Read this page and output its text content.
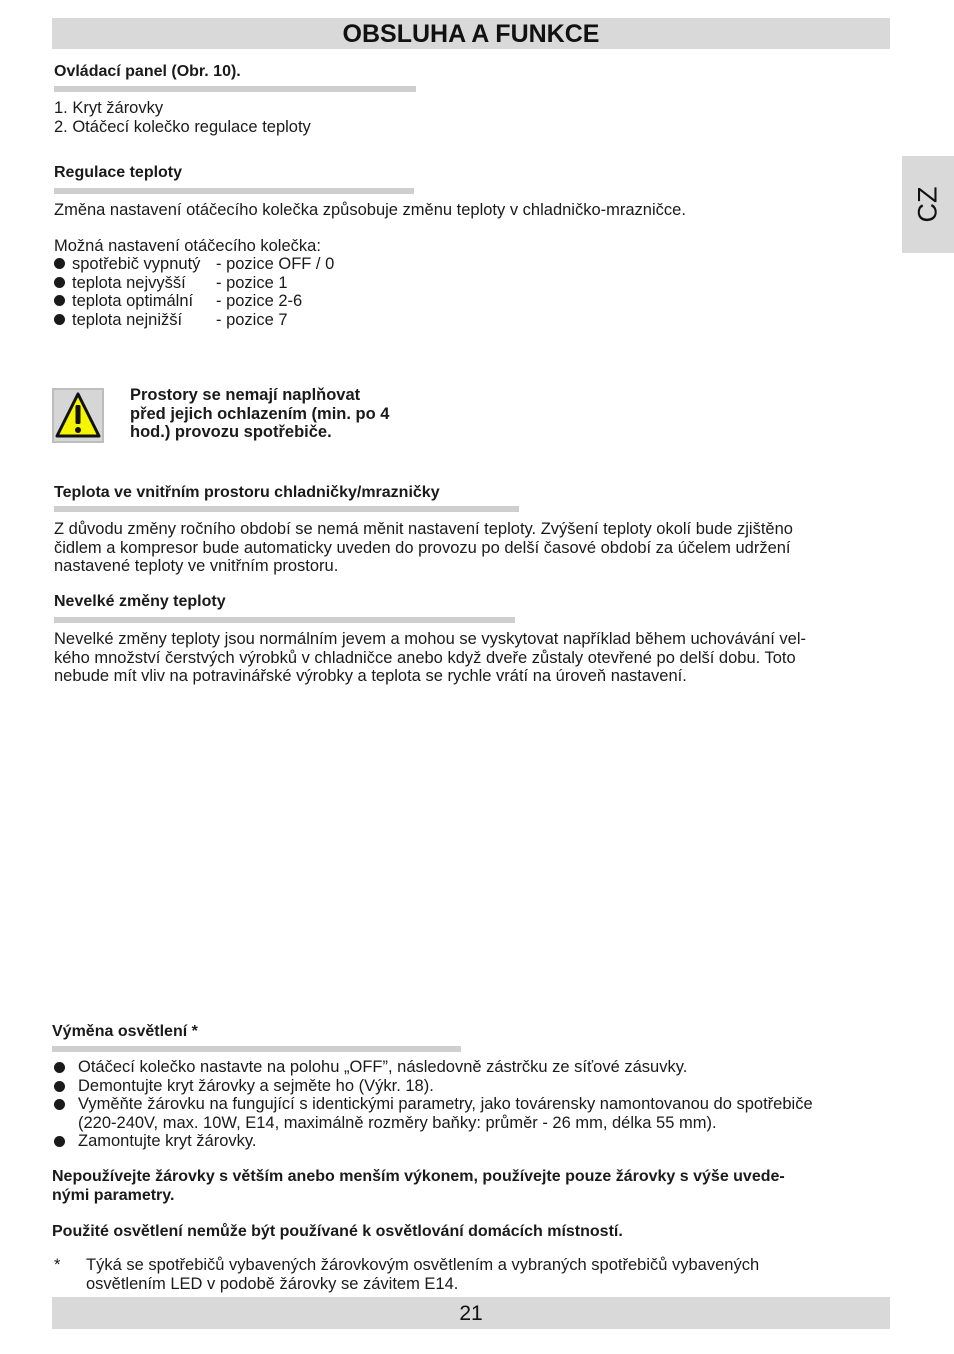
OBSLUHA A FUNKCE
CZ
Ovládací panel (Obr. 10).
1. Kryt žárovky
2. Otáčecí kolečko regulace teploty
Regulace teploty
Změna nastavení otáčecího kolečka způsobuje změnu teploty v chladničko-mrazničce.
Možná nastavení otáčecího kolečka:
spotřebič vypnutý - pozice OFF / 0
teplota nejvyšší - pozice 1
teplota optimální - pozice 2-6
teplota nejnižší - pozice 7
Prostory se nemají naplňovat
před jejich ochlazením (min. po 4
hod.) provozu spotřebiče.
Teplota ve vnitřním prostoru chladničky/mrazničky
Z důvodu změny ročního období se nemá měnit nastavení teploty. Zvýšení teploty okolí bude zjištěno
čidlem a kompresor bude automaticky uveden do provozu po delší časové období za účelem udržení
nastavené teploty ve vnitřním prostoru.
Nevelké změny teploty
Nevelké změny teploty jsou normálním jevem a mohou se vyskytovat například během uchovávání vel-
kého množství čerstvých výrobků v chladničce anebo když dveře zůstaly otevřené po delší dobu. Toto
nebude mít vliv na potravinářské výrobky a teplota se rychle vrátí na úroveň nastavení.
Výměna osvětlení *
Otáčecí kolečko nastavte na polohu „OFF”, následovně zástrčku ze síťové zásuvky.
Demontujte kryt žárovky a sejměte ho (Výkr. 18).
Vyměňte žárovku na fungující s identickými parametry, jako továrensky namontovanou do spotřebiče
(220-240V, max. 10W, E14, maximálně rozměry baňky: průměr - 26 mm, délka 55 mm).
Zamontujte kryt žárovky.
Nepoužívejte žárovky s větším anebo menším výkonem, používejte pouze žárovky s výše uvede-
nými parametry.
Použité osvětlení nemůže být používané k osvětlování domácích místností.
* Týká se spotřebičů vybavených žárovkovým osvětlením a vybraných spotřebičů vybavených
osvětlením LED v podobě žárovky se závitem E14.
21
